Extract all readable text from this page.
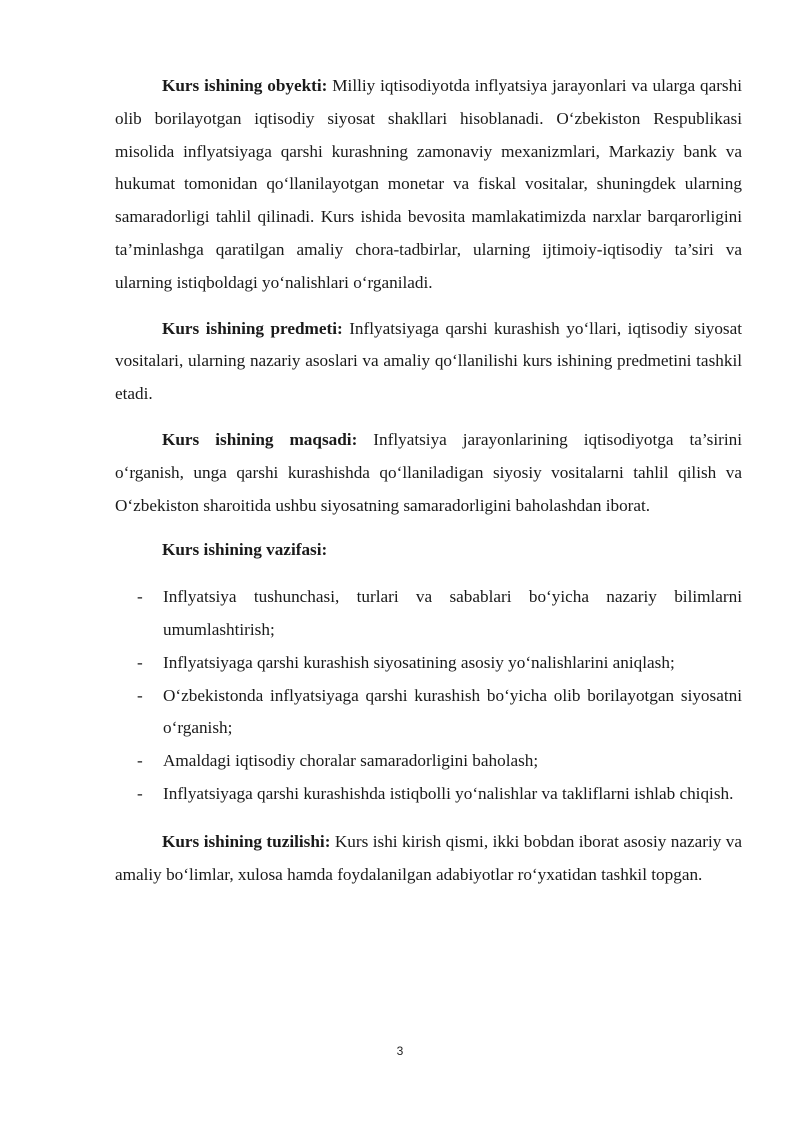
Kurs ishining obyekti: Milliy iqtisodiyotda inflyatsiya jarayonlari va ularga qarshi olib borilayotgan iqtisodiy siyosat shakllari hisoblanadi. O‘zbekiston Respublikasi misolida inflyatsiyaga qarshi kurashning zamonaviy mexanizmlari, Markaziy bank va hukumat tomonidan qo‘llanilayotgan monetar va fiskal vositalar, shuningdek ularning samaradorligi tahlil qilinadi. Kurs ishida bevosita mamlakatimizda narxlar barqarorligini ta’minlashga qaratilgan amaliy chora-tadbirlar, ularning ijtimoiy-iqtisodiy ta’siri va ularning istiqboldagi yo‘nalishlari o‘rganiladi.

Kurs ishining predmeti: Inflyatsiyaga qarshi kurashish yo‘llari, iqtisodiy siyosat vositalari, ularning nazariy asoslari va amaliy qo‘llanilishi kurs ishining predmetini tashkil etadi.

Kurs ishining maqsadi: Inflyatsiya jarayonlarining iqtisodiyotga ta’sirini o‘rganish, unga qarshi kurashishda qo‘llaniladigan siyosiy vositalarni tahlil qilish va O‘zbekiston sharoitida ushbu siyosatning samaradorligini baholashdan iborat.

Kurs ishining vazifasi:

- Inflyatsiya tushunchasi, turlari va sabablari bo‘yicha nazariy bilimlarni umumlashtirish;
- Inflyatsiyaga qarshi kurashish siyosatining asosiy yo‘nalishlarini aniqlash;
- O‘zbekistonda inflyatsiyaga qarshi kurashish bo‘yicha olib borilayotgan siyosatni o‘rganish;
- Amaldagi iqtisodiy choralar samaradorligini baholash;
- Inflyatsiyaga qarshi kurashishda istiqbolli yo‘nalishlar va takliflarni ishlab chiqish.

Kurs ishining tuzilishi: Kurs ishi kirish qismi, ikki bobdan iborat asosiy nazariy va amaliy bo‘limlar, xulosa hamda foydalanilgan adabiyotlar ro‘yxatidan tashkil topgan.

3
